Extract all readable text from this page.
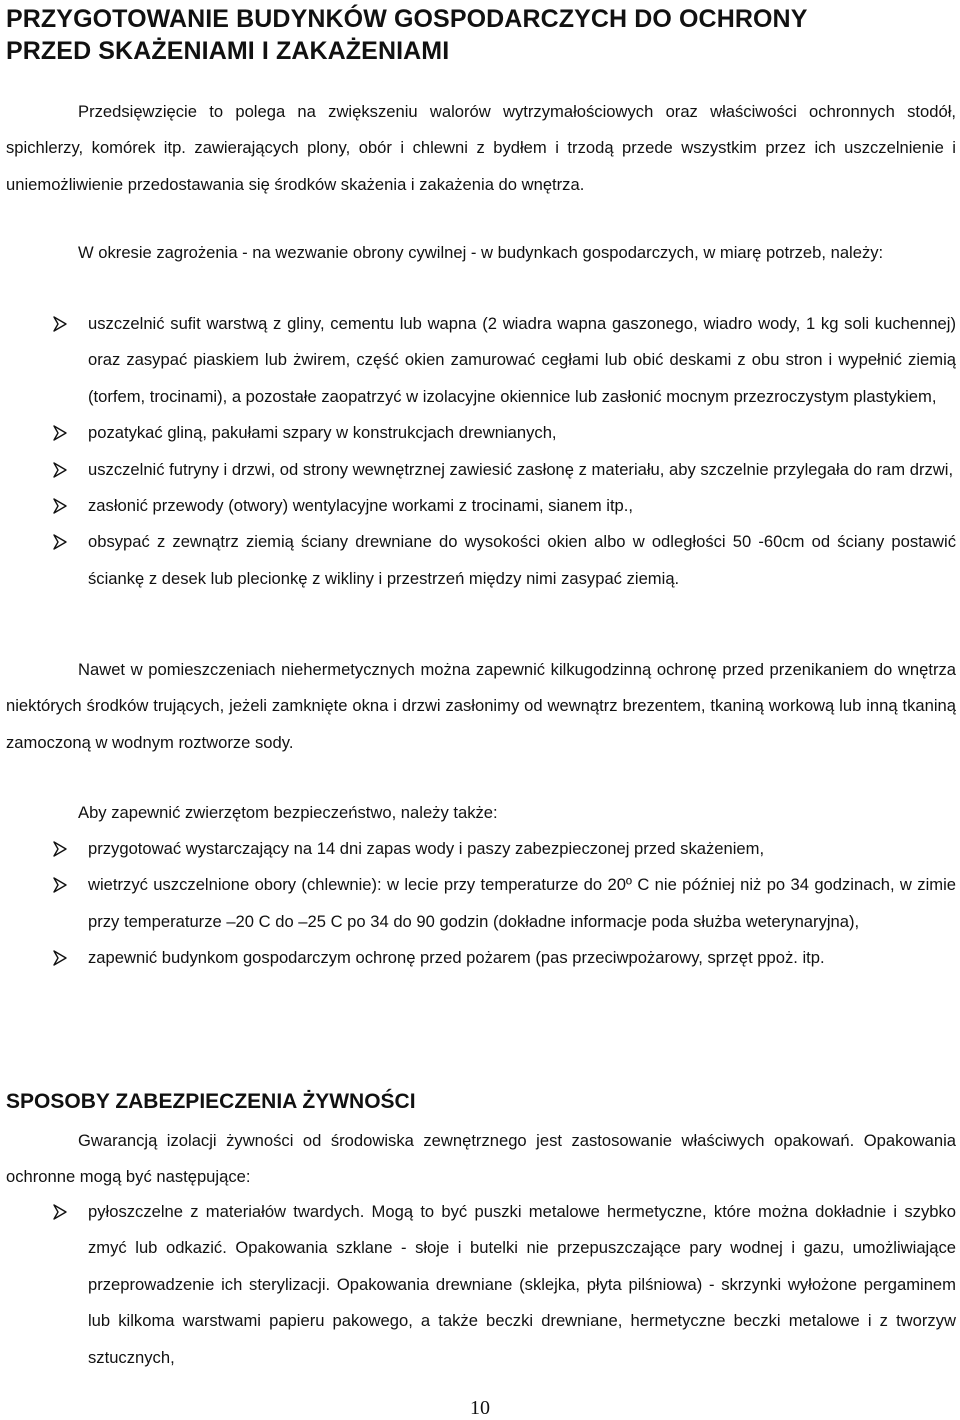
PRZYGOTOWANIE BUDYNKÓW GOSPODARCZYCH DO OCHRONY
PRZED SKAŻENIAMI I ZAKAŻENIAMI

Przedsięwzięcie to polega na zwiększeniu walorów wytrzymałościowych oraz właściwości ochronnych stodół, spichlerzy, komórek itp. zawierających plony, obór i chlewni z bydłem i trzodą przede wszystkim przez ich uszczelnienie i uniemożliwienie przedostawania się środków skażenia i zakażenia do wnętrza.

W okresie zagrożenia - na wezwanie obrony cywilnej - w budynkach gospodarczych, w miarę potrzeb, należy:

uszczelnić sufit warstwą z gliny, cementu lub wapna (2 wiadra wapna gaszonego, wiadro wody, 1 kg soli kuchennej) oraz zasypać piaskiem lub żwirem, część okien zamurować cegłami lub obić deskami z obu stron i wypełnić ziemią (torfem, trocinami), a pozostałe zaopatrzyć w izolacyjne okiennice lub zasłonić mocnym przezroczystym plastykiem,
pozatykać gliną, pakułami szpary w konstrukcjach drewnianych,
uszczelnić futryny i drzwi, od strony wewnętrznej zawiesić zasłonę z materiału, aby szczelnie przylegała do ram drzwi,
zasłonić przewody (otwory) wentylacyjne workami z trocinami, sianem itp.,
obsypać z zewnątrz ziemią ściany drewniane do wysokości okien albo w odległości 50 -60cm od ściany postawić ściankę z desek lub plecionkę z wikliny i przestrzeń między nimi zasypać ziemią.

Nawet w pomieszczeniach niehermetycznych można zapewnić kilkugodzinną ochronę przed przenikaniem do wnętrza niektórych środków trujących, jeżeli zamknięte okna i drzwi zasłonimy od wewnątrz brezentem, tkaniną workową lub inną tkaniną zamoczoną w wodnym roztworze sody.

Aby zapewnić zwierzętom bezpieczeństwo, należy także:

przygotować wystarczający na 14 dni zapas wody i paszy zabezpieczonej przed skażeniem,
wietrzyć uszczelnione obory (chlewnie): w lecie przy temperaturze do 20º C nie później niż po 34 godzinach, w zimie przy temperaturze –20 C do –25 C po 34 do 90 godzin (dokładne informacje poda służba weterynaryjna),
zapewnić budynkom gospodarczym ochronę przed pożarem (pas przeciwpożarowy, sprzęt ppoż. itp.
SPOSOBY ZABEZPIECZENIA ŻYWNOŚCI

Gwarancją izolacji żywności od środowiska zewnętrznego jest zastosowanie właściwych opakowań. Opakowania ochronne mogą być następujące:

pyłoszczelne z materiałów twardych. Mogą to być puszki metalowe hermetyczne, które można dokładnie i szybko zmyć lub odkazić. Opakowania szklane - słoje i butelki nie przepuszczające pary wodnej i gazu, umożliwiające przeprowadzenie ich sterylizacji. Opakowania drewniane (sklejka, płyta pilśniowa) - skrzynki wyłożone pergaminem lub kilkoma warstwami papieru pakowego, a także beczki drewniane, hermetyczne beczki metalowe i z tworzyw sztucznych,
10
